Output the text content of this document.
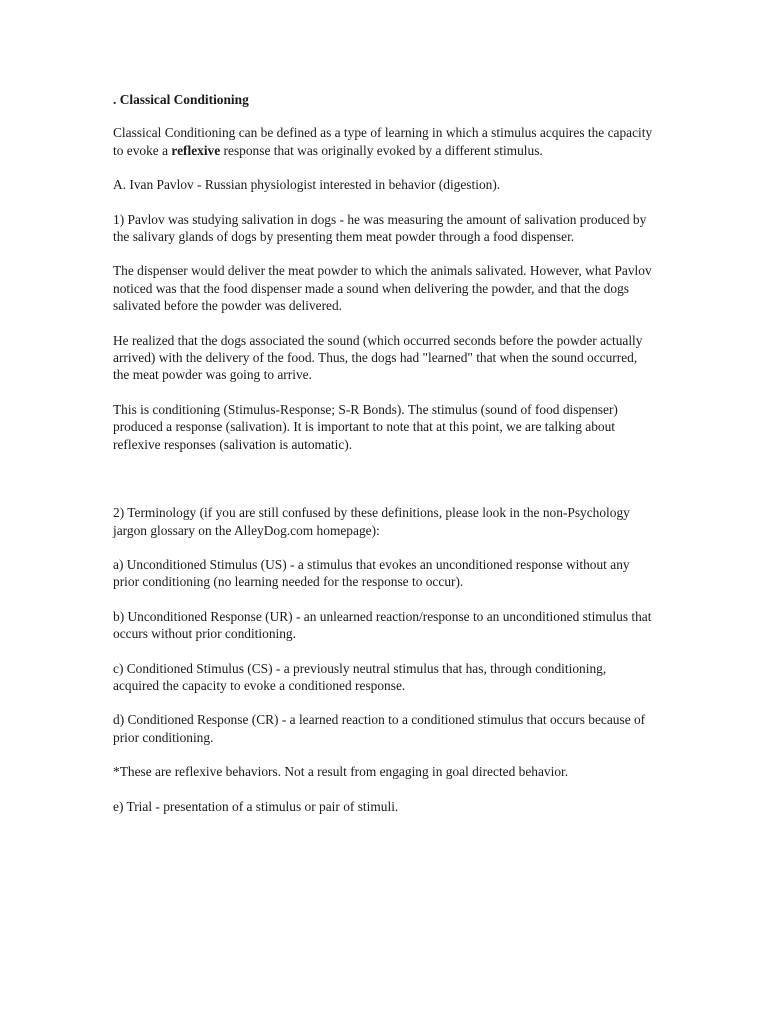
. Classical Conditioning

Classical Conditioning can be defined as a type of learning in which a stimulus acquires the capacity to evoke a reflexive response that was originally evoked by a different stimulus.

A. Ivan Pavlov - Russian physiologist interested in behavior (digestion).

1) Pavlov was studying salivation in dogs - he was measuring the amount of salivation produced by the salivary glands of dogs by presenting them meat powder through a food dispenser.

The dispenser would deliver the meat powder to which the animals salivated. However, what Pavlov noticed was that the food dispenser made a sound when delivering the powder, and that the dogs salivated before the powder was delivered.

He realized that the dogs associated the sound (which occurred seconds before the powder actually arrived) with the delivery of the food. Thus, the dogs had "learned" that when the sound occurred, the meat powder was going to arrive.

This is conditioning (Stimulus-Response; S-R Bonds). The stimulus (sound of food dispenser) produced a response (salivation). It is important to note that at this point, we are talking about reflexive responses (salivation is automatic).

2) Terminology (if you are still confused by these definitions, please look in the non-Psychology jargon glossary on the AlleyDog.com homepage):

a) Unconditioned Stimulus (US) - a stimulus that evokes an unconditioned response without any prior conditioning (no learning needed for the response to occur).

b) Unconditioned Response (UR) - an unlearned reaction/response to an unconditioned stimulus that occurs without prior conditioning.

c) Conditioned Stimulus (CS) - a previously neutral stimulus that has, through conditioning, acquired the capacity to evoke a conditioned response.

d) Conditioned Response (CR) - a learned reaction to a conditioned stimulus that occurs because of prior conditioning.

*These are reflexive behaviors. Not a result from engaging in goal directed behavior.

e) Trial - presentation of a stimulus or pair of stimuli.
